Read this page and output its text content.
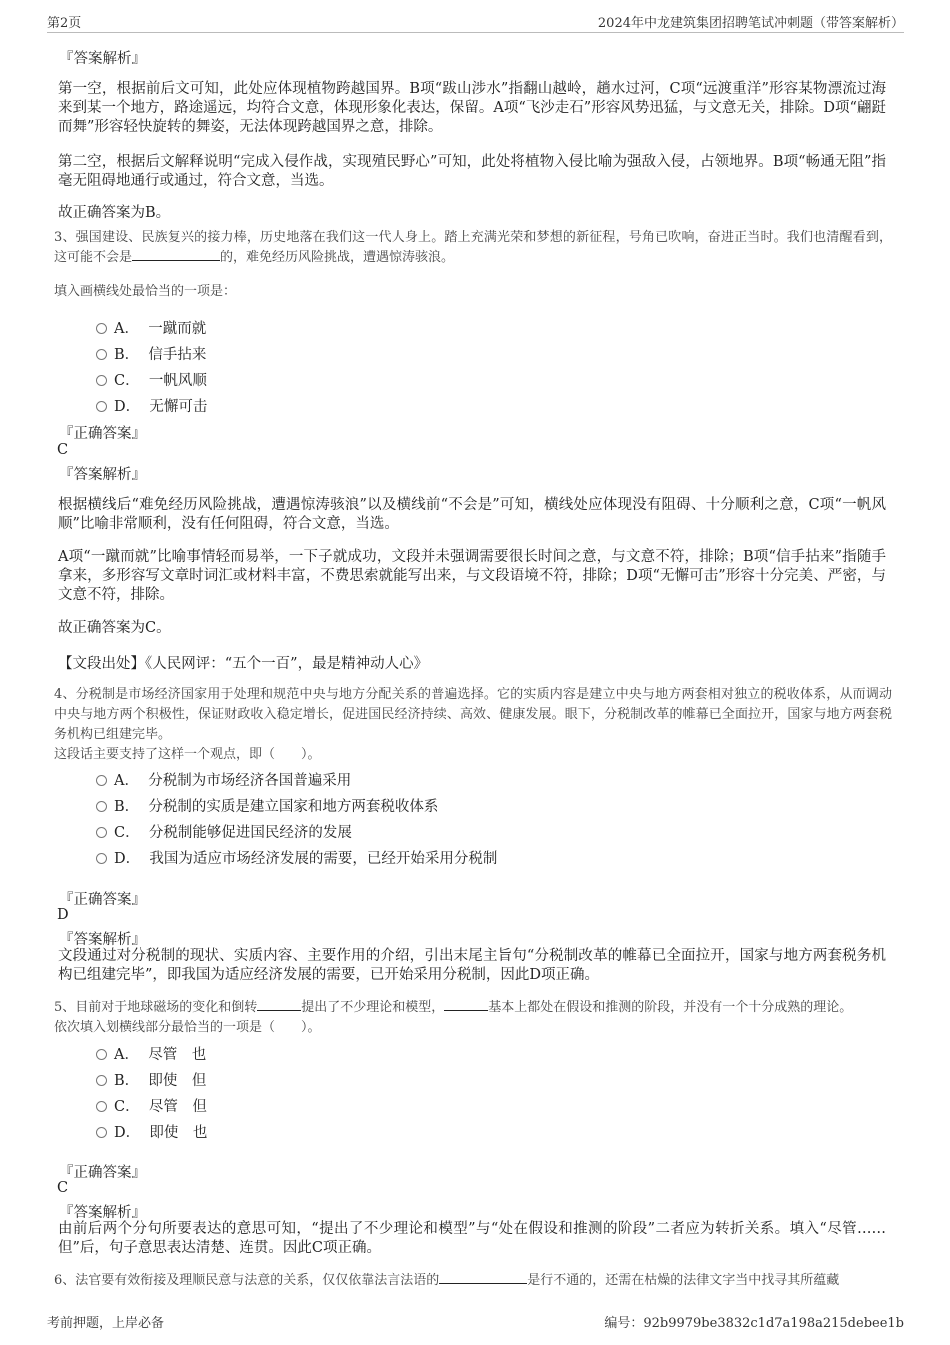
第2页	2024年中龙建筑集团招聘笔试冲刺题（带答案解析）
『答案解析』
第一空，根据前后文可知，此处应体现植物跨越国界。B项“跋山涉水”指翻山越岭，趟水过河，C项“远渡重洋”形容某物漂流过海来到某一个地方，路途遥远，均符合文意，体现形象化表达，保留。A项“飞沙走石”形容风势迅猛，与文意无关，排除。D项“翩跹而舞”形容轻快旋转的舞姿，无法体现跨越国界之意，排除。
第二空，根据后文解释说明“完成入侵作战，实现殖民野心”可知，此处将植物入侵比喻为强敌入侵，占领地界。B项“畅通无阻”指毫无阻碍地通行或通过，符合文意，当选。
故正确答案为B。
3、强国建设、民族复兴的接力棒，历史地落在我们这一代人身上。踏上充满光荣和梦想的新征程，号角已吹响，奋进正当时。我们也清醒看到，这可能不会是	的，难免经历风险挑战，遭遇惊涛骇浪。
填入画横线处最恰当的一项是：
A． 一蹴而就
B． 信手拈来
C． 一帆风顺
D． 无懈可击
『正确答案』
C
『答案解析』
根据横线后“难免经历风险挑战，遭遇惊涛骇浪”以及横线前“不会是”可知，横线处应体现没有阻碍、十分顺利之意，C项“一帆风顺”比喻非常顺利，没有任何阻碍，符合文意，当选。
A项“一蹴而就”比喻事情轻而易举，一下子就成功，文段并未强调需要很长时间之意，与文意不符，排除；B项“信手拈来”指随手拿来，多形容写文章时词汇或材料丰富，不费思索就能写出来，与文段语境不符，排除；D项“无懈可击”形容十分完美、严密，与文意不符，排除。
故正确答案为C。
【文段出处】《人民网评：“五个一百”，最是精神动人心》
4、分税制是市场经济国家用于处理和规范中央与地方分配关系的普遍选择。它的实质内容是建立中央与地方两套相对独立的税收体系，从而调动中央与地方两个积极性，保证财政收入稳定增长，促进国民经济持续、高效、健康发展。眼下，分税制改革的帷幕已全面拉开，国家与地方两套税务机构已组建完毕。
这段话主要支持了这样一个观点，即（　　）。
A． 分税制为市场经济各国普遍采用
B． 分税制的实质是建立国家和地方两套税收体系
C． 分税制能够促进国民经济的发展
D． 我国为适应市场经济发展的需要，已经开始采用分税制
『正确答案』
D
『答案解析』
文段通过对分税制的现状、实质内容、主要作用的介绍，引出末尾主旨句“分税制改革的帷幕已全面拉开，国家与地方两套税务机构已组建完毕”，即我国为适应经济发展的需要，已开始采用分税制，因此D项正确。
5、目前对于地球磁场的变化和倒转	提出了不少理论和模型，	基本上都处在假设和推测的阶段，并没有一个十分成熟的理论。
依次填入划横线部分最恰当的一项是（　　）。
A． 尽管　也
B． 即使　但
C． 尽管　但
D． 即使　也
『正确答案』
C
『答案解析』
由前后两个分句所要表达的意思可知，“提出了不少理论和模型”与“处在假设和推测的阶段”二者应为转折关系。填入“尽管……但”后，句子意思表达清楚、连贯。因此C项正确。
6、法官要有效衔接及理顺民意与法意的关系，仅仅依靠法言法语的	是行不通的，还需在枯燥的法律文字当中找寻其所蕴藏
考前押题，上岸必备	编号：92b9979be3832c1d7a198a215debee1b
